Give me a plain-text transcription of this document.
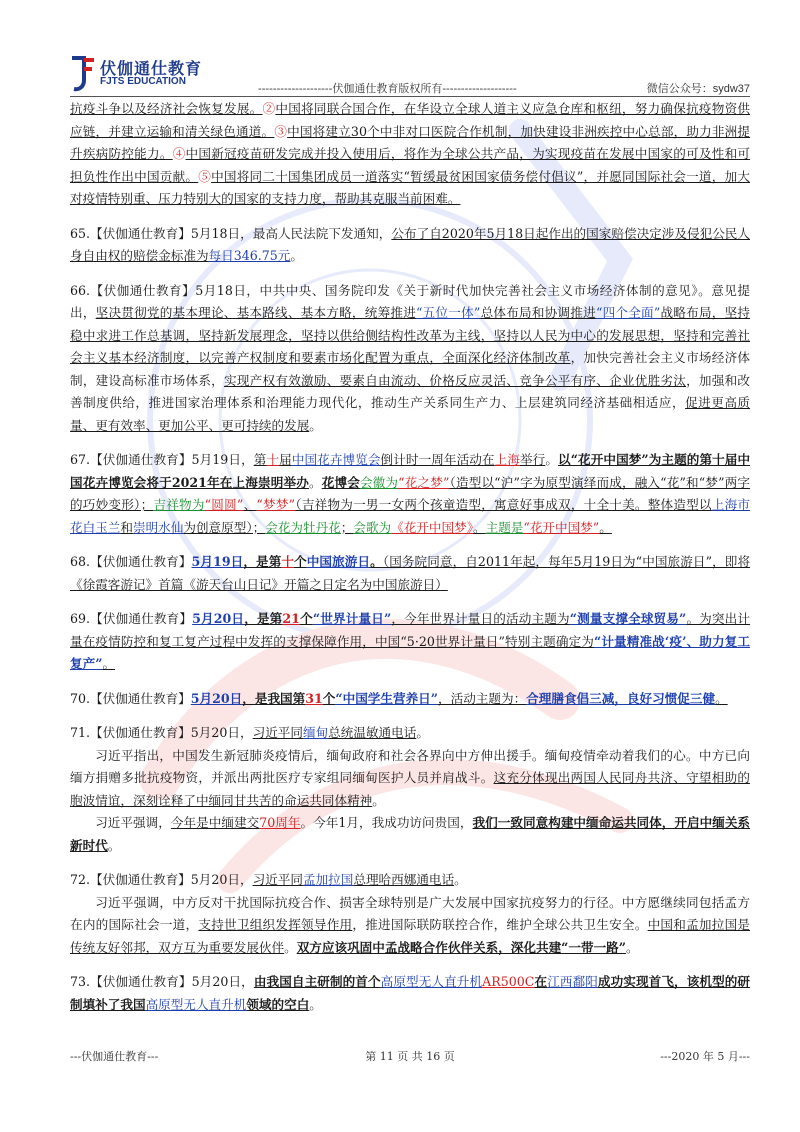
伏伽通仕教育
FJTS EDUCATION
--------------------伏伽通仕教育版权所有--------------------	微信公众号：sydw37

抗疫斗争以及经济社会恢复发展。②中国将同联合国合作，在华设立全球人道主义应急仓库和枢纽，努力确保抗疫物资供应链，并建立运输和清关绿色通道。③中国将建立30个中非对口医院合作机制，加快建设非洲疾控中心总部，助力非洲提升疾病防控能力。④中国新冠疫苗研发完成并投入使用后，将作为全球公共产品，为实现疫苗在发展中国家的可及性和可担负性作出中国贡献。⑤中国将同二十国集团成员一道落实“暂缓最贫困国家债务偿付倡议”，并愿同国际社会一道，加大对疫情特别重、压力特别大的国家的支持力度，帮助其克服当前困难。

65.【伏伽通仕教育】5月18日，最高人民法院下发通知，公布了自2020年5月18日起作出的国家赔偿决定涉及侵犯公民人身自由权的赔偿金标准为每日346.75元。

66.【伏伽通仕教育】5月18日，中共中央、国务院印发《关于新时代加快完善社会主义市场经济体制的意见》。意见提出，坚决贯彻党的基本理论、基本路线、基本方略，统筹推进“五位一体”总体布局和协调推进“四个全面”战略布局，坚持稳中求进工作总基调，坚持新发展理念，坚持以供给侧结构性改革为主线，坚持以人民为中心的发展思想，坚持和完善社会主义基本经济制度，以完善产权制度和要素市场化配置为重点，全面深化经济体制改革，加快完善社会主义市场经济体制，建设高标准市场体系，实现产权有效激励、要素自由流动、价格反应灵活、竞争公平有序、企业优胜劣汰，加强和改善制度供给，推进国家治理体系和治理能力现代化，推动生产关系同生产力、上层建筑同经济基础相适应，促进更高质量、更有效率、更加公平、更可持续的发展。

67.【伏伽通仕教育】5月19日，第十届中国花卉博览会倒计时一周年活动在上海举行。以“花开中国梦”为主题的第十届中国花卉博览会将于2021年在上海崇明举办。花博会会徽为“花之梦”（造型以“沪”字为原型演绎而成，融入“花”和“梦”两字的巧妙变形）；吉祥物为“圆圆”、“梦梦”（吉祥物为一男一女两个孩童造型，寓意好事成双，十全十美。整体造型以上海市花白玉兰和崇明水仙为创意原型）；会花为牡丹花；会歌为《花开中国梦》。主题是“花开中国梦”。

68.【伏伽通仕教育】5月19日，是第十个中国旅游日。（国务院同意，自2011年起，每年5月19日为“中国旅游日”，即将《徐霞客游记》首篇《游天台山日记》开篇之日定名为中国旅游日）

69.【伏伽通仕教育】5月20日，是第21个“世界计量日”，今年世界计量日的活动主题为“测量支撑全球贸易”。为突出计量在疫情防控和复工复产过程中发挥的支撑保障作用，中国“5·20世界计量日”特别主题确定为“计量精准战‘疫’、助力复工复产”。

70.【伏伽通仕教育】5月20日，是我国第31个“中国学生营养日”，活动主题为：合理膳食倡三减，良好习惯促三健。

71.【伏伽通仕教育】5月20日，习近平同缅甸总统温敏通电话。

习近平指出，中国发生新冠肺炎疫情后，缅甸政府和社会各界向中方伸出援手。缅甸疫情牵动着我们的心。中方已向缅方捐赠多批抗疫物资，并派出两批医疗专家组同缅甸医护人员并肩战斗。这充分体现出两国人民同舟共济、守望相助的胞波情谊，深刻诠释了中缅同甘共苦的命运共同体精神。

习近平强调，今年是中缅建交70周年。今年1月，我成功访问贵国，我们一致同意构建中缅命运共同体，开启中缅关系新时代。

72.【伏伽通仕教育】5月20日，习近平同孟加拉国总理哈西娜通电话。

习近平强调，中方反对干扰国际抗疫合作、损害全球特别是广大发展中国家抗疫努力的行径。中方愿继续同包括孟方在内的国际社会一道，支持世卫组织发挥领导作用，推进国际联防联控合作，维护全球公共卫生安全。中国和孟加拉国是传统友好邻邦，双方互为重要发展伙伴。双方应该巩固中孟战略合作伙伴关系，深化共建“一带一路”。

73.【伏伽通仕教育】5月20日，由我国自主研制的首个高原型无人直升机AR500C在江西鄱阳成功实现首飞，该机型的研制填补了我国高原型无人直升机领域的空白。

---伏伽通仕教育---	第 11 页 共 16 页	---2020 年 5 月---
